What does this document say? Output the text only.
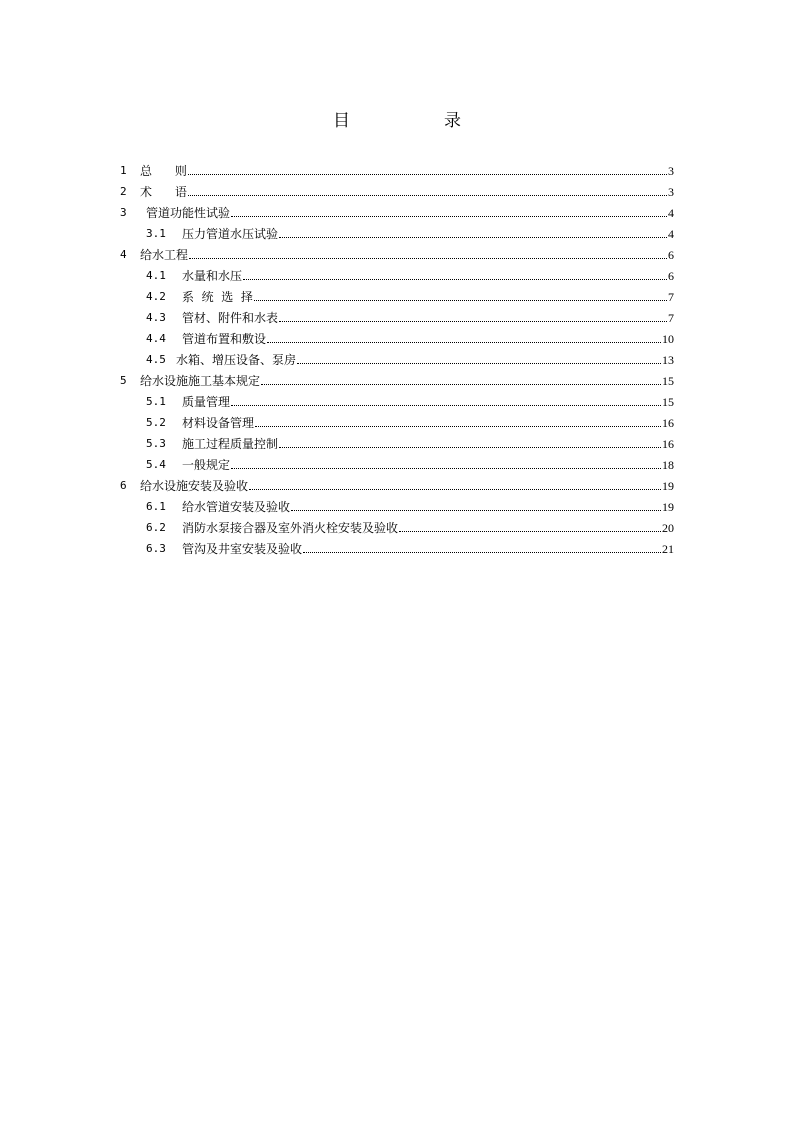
目	录
1	总      则	3
2	术      语	3
3	管道功能性试验	4
3.1	压力管道水压试验	4
4	给水工程	6
4.1	水量和水压	6
4.2	系  统  选  择	7
4.3	管材、附件和水表	7
4.4	管道布置和敷设	10
4.5 水箱、增压设备、泵房	13
5	给水设施施工基本规定	15
5.1	质量管理	15
5.2	材料设备管理	16
5.3	施工过程质量控制	16
5.4	一般规定	18
6	给水设施安装及验收	19
6.1	给水管道安装及验收	19
6.2	消防水泵接合器及室外消火栓安装及验收	20
6.3	管沟及井室安装及验收	21
